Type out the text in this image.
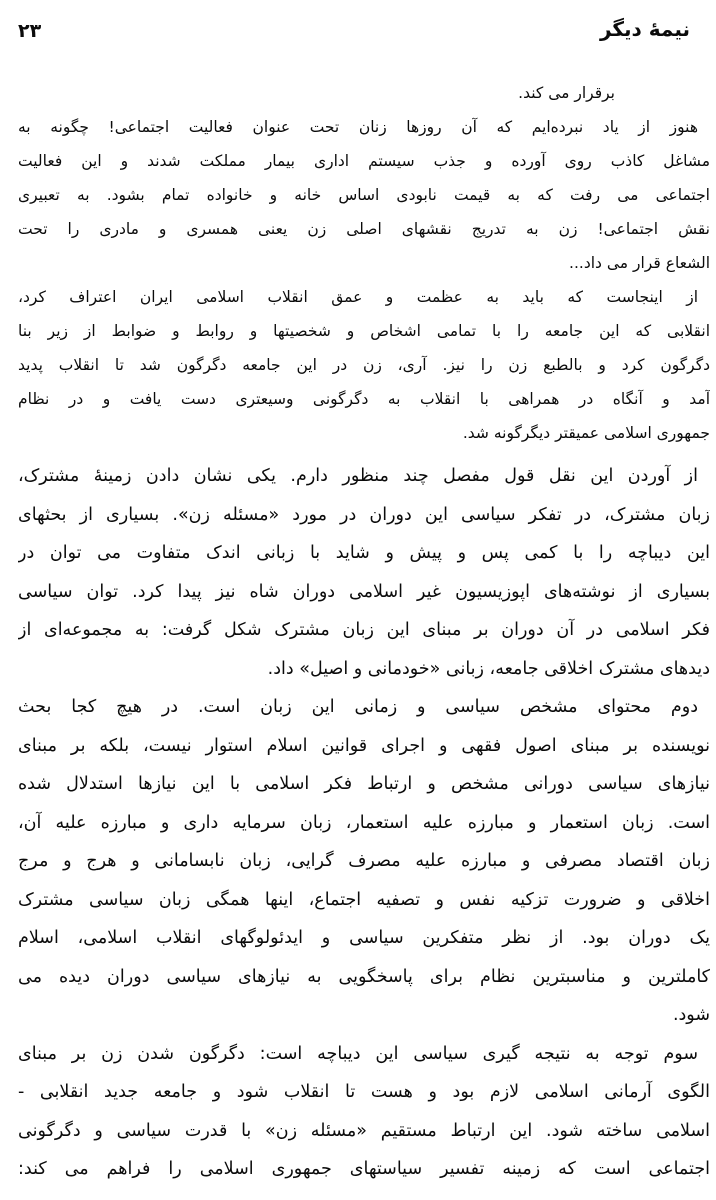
۲۳	نیمهٔ دیگر
برقرار می کند.
هنوز از یاد نبرده‌ایم که آن روزها زنان تحت عنوان فعالیت اجتماعی! چگونه به
مشاغل کاذب روی آورده و جذب سیستم اداری بیمار مملکت شدند و این فعالیت
اجتماعی می رفت که به قیمت نابودی اساس خانه و خانواده تمام بشود. به تعبیری
نقش اجتماعی! زن به تدریج نقشهای اصلی زن یعنی همسری و مادری را تحت
الشعاع قرار می داد...
از اینجاست که باید به عظمت و عمق انقلاب اسلامی ایران اعتراف کرد،
انقلابی که این جامعه را با تمامی اشخاص و شخصیتها و روابط و ضوابط از زیر بنا
دگرگون کرد و بالطبع زن را نیز. آری، زن در این جامعه دگرگون شد تا انقلاب پدید
آمد و آنگاه در همراهی با انقلاب به دگرگونی وسیعتری دست یافت و در نظام
جمهوری اسلامی عمیقتر دیگرگونه شد.
از آوردن این نقل قول مفصل چند منظور دارم. یکی نشان دادن زمینهٔ مشترک،
زبان مشترک، در تفکر سیاسی این دوران در مورد «مسئله زن». بسیاری از بحثهای
این دیباچه را با کمی پس و پیش و شاید با زبانی اندک متفاوت می توان در
بسیاری از نوشته‌های اپوزیسیون غیر اسلامی دوران شاه نیز پیدا کرد. توان سیاسی
فکر اسلامی در آن دوران بر مبنای این زبان مشترک شکل گرفت: به مجموعه‌ای از
دیدهای مشترک اخلاقی جامعه، زبانی «خودمانی و اصیل» داد.
دوم محتوای مشخص سیاسی و زمانی این زبان است. در هیچ کجا بحث
نویسنده بر مبنای اصول فقهی و اجرای قوانین اسلام استوار نیست، بلکه بر مبنای
نیازهای سیاسی دورانی مشخص و ارتباط فکر اسلامی با این نیازها استدلال شده
است. زبان استعمار و مبارزه علیه استعمار، زبان سرمایه داری و مبارزه علیه آن،
زبان اقتصاد مصرفی و مبارزه علیه مصرف گرایی، زبان نابسامانی و هرج و مرج
اخلاقی و ضرورت تزکیه نفس و تصفیه اجتماع، اینها همگی زبان سیاسی مشترک
یک دوران بود. از نظر متفکرین سیاسی و ایدئولوگهای انقلاب اسلامی، اسلام
کاملترین و مناسبترین نظام برای پاسخگویی به نیازهای سیاسی دوران دیده می
شود.
سوم توجه به نتیجه گیری سیاسی این دیباچه است: دگرگون شدن زن بر مبنای
الگوی آرمانی اسلامی لازم بود و هست تا انقلاب شود و جامعه جدید انقلابی -
اسلامی ساخته شود. این ارتباط مستقیم «مسئله زن» با قدرت سیاسی و دگرگونی
اجتماعی است که زمینه تفسیر سیاستهای جمهوری اسلامی را فراهم می کند:
